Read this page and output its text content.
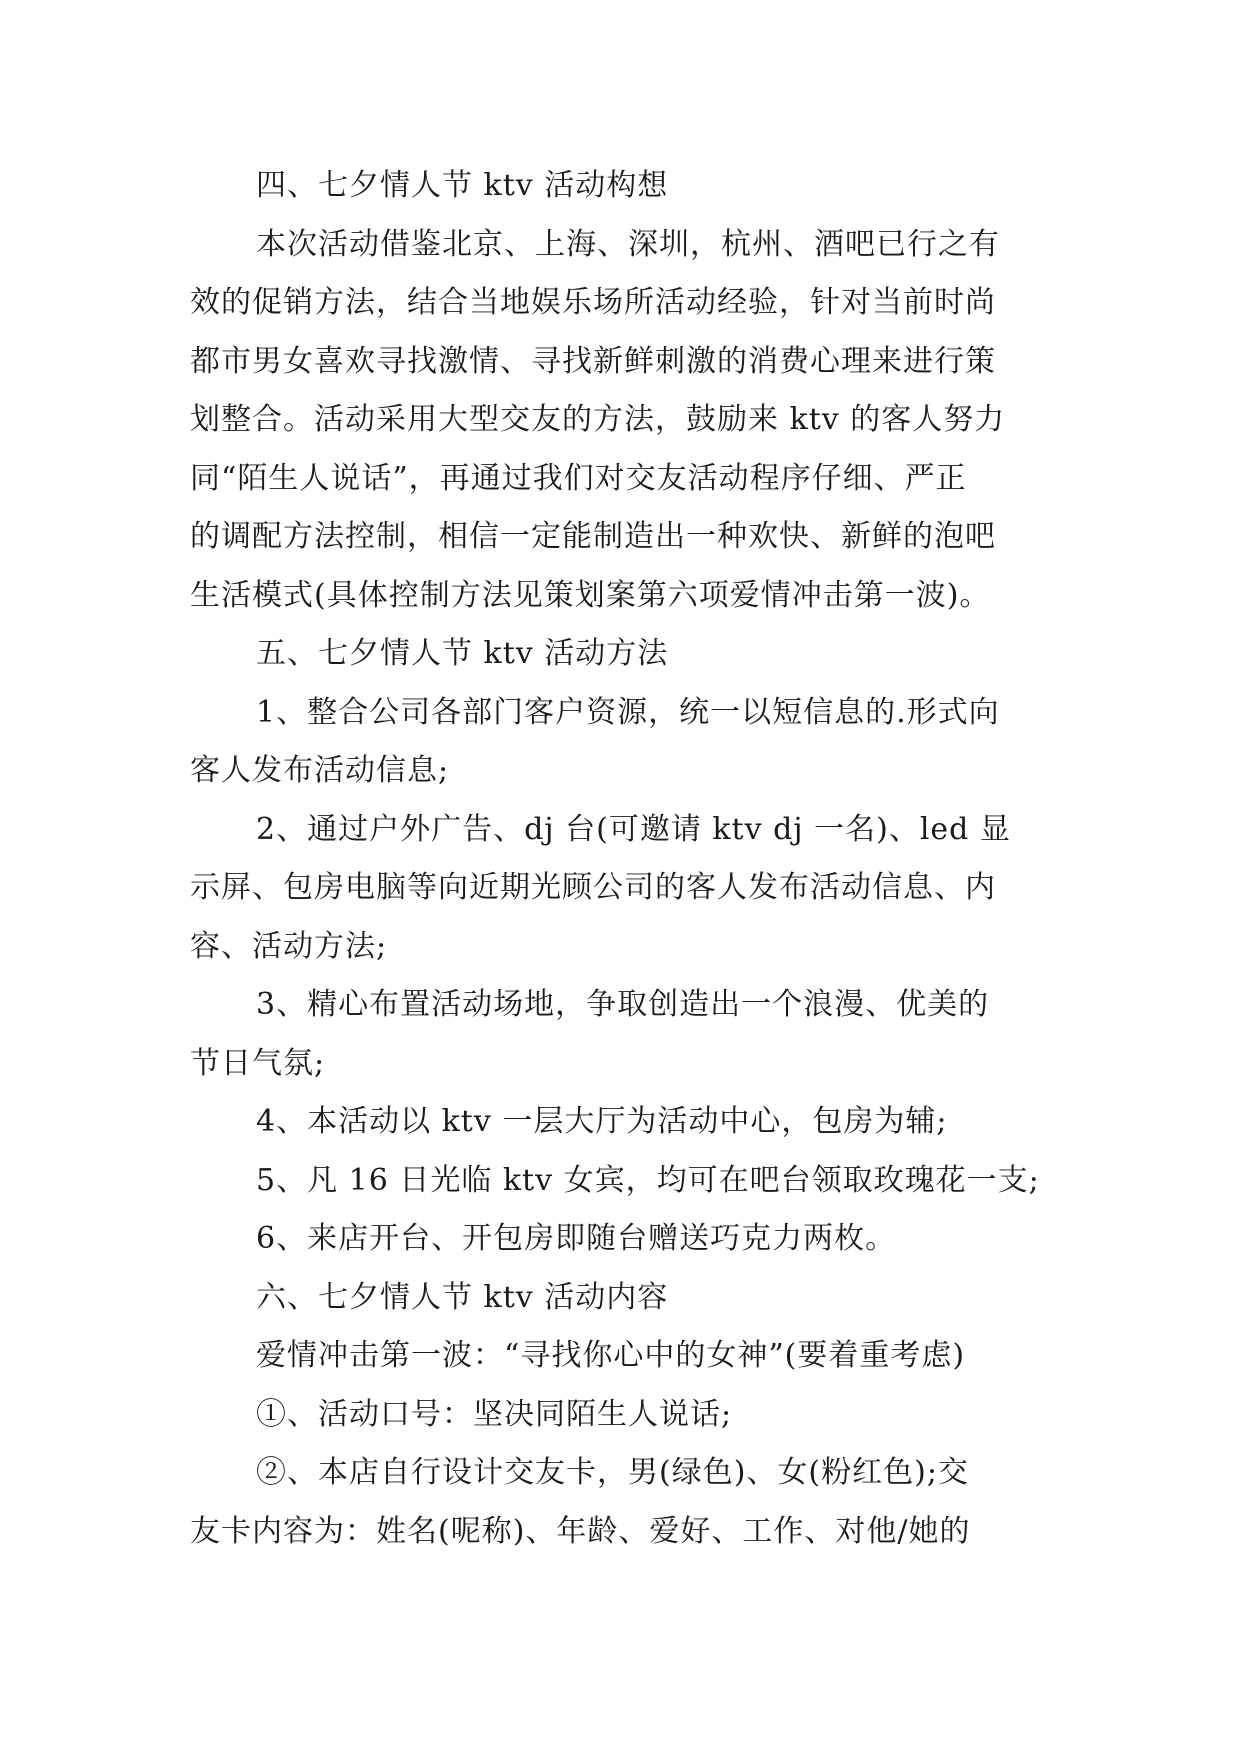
四、七夕情人节 ktv 活动构想
本次活动借鉴北京、上海、深圳，杭州、酒吧已行之有
效的促销方法，结合当地娱乐场所活动经验，针对当前时尚
都市男女喜欢寻找激情、寻找新鲜刺激的消费心理来进行策
划整合。活动采用大型交友的方法，鼓励来 ktv 的客人努力
同“陌生人说话”，再通过我们对交友活动程序仔细、严正
的调配方法控制，相信一定能制造出一种欢快、新鲜的泡吧
生活模式(具体控制方法见策划案第六项爱情冲击第一波)。
五、七夕情人节 ktv 活动方法
1、整合公司各部门客户资源，统一以短信息的.形式向
客人发布活动信息;
2、通过户外广告、dj 台(可邀请 ktv dj 一名)、led 显
示屏、包房电脑等向近期光顾公司的客人发布活动信息、内
容、活动方法;
3、精心布置活动场地，争取创造出一个浪漫、优美的
节日气氛;
4、本活动以 ktv 一层大厅为活动中心，包房为辅;
5、凡 16 日光临 ktv 女宾，均可在吧台领取玫瑰花一支;
6、来店开台、开包房即随台赠送巧克力两枚。
六、七夕情人节 ktv 活动内容
爱情冲击第一波：“寻找你心中的女神”(要着重考虑)
①、活动口号：坚决同陌生人说话;
②、本店自行设计交友卡，男(绿色)、女(粉红色);交
友卡内容为：姓名(呢称)、年龄、爱好、工作、对他/她的
